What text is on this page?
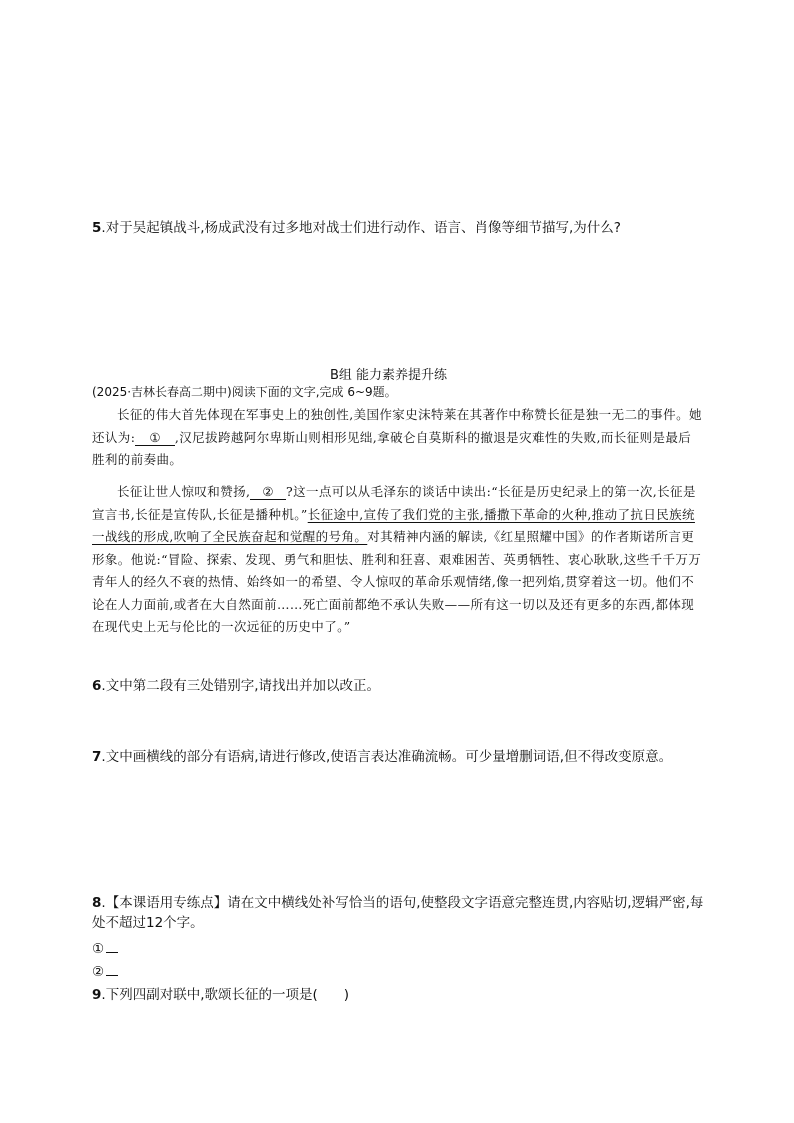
5.对于吴起镇战斗,杨成武没有过多地对战士们进行动作、语言、肖像等细节描写,为什么?
B组 能力素养提升练
(2025·吉林长春高二期中)阅读下面的文字,完成 6~9题。
长征的伟大首先体现在军事史上的独创性,美国作家史沫特莱在其著作中称赞长征是独一无二的事件。她还认为: ① ,汉尼拔跨越阿尔卑斯山则相形见绌,拿破仑自莫斯科的撤退是灾难性的失败,而长征则是最后胜利的前奏曲。
长征让世人惊叹和赞扬, ② ?这一点可以从毛泽东的谈话中读出:“长征是历史纪录上的第一次,长征是宣言书,长征是宣传队,长征是播种机。”长征途中,宣传了我们党的主张,播撒下革命的火种,推动了抗日民族统一战线的形成,吹响了全民族奋起和觉醒的号角。对其精神内涵的解读,《红星照耀中国》的作者斯诺所言更形象。他说:“冒险、探索、发现、勇气和胆怯、胜利和狂喜、艰难困苦、英勇牺牲、衷心耿耿,这些千千万万青年人的经久不衰的热情、始终如一的希望、令人惊叹的革命乐观情绪,像一把列焰,贯穿着这一切。他们不论在人力面前,或者在大自然面前……死亡面前都绝不承认失败——所有这一切以及还有更多的东西,都体现在现代史上无与伦比的一次远征的历史中了。”
6.文中第二段有三处错别字,请找出并加以改正。
7.文中画横线的部分有语病,请进行修改,使语言表达准确流畅。可少量增删词语,但不得改变原意。
8.【本课语用专练点】请在文中横线处补写恰当的语句,使整段文字语意完整连贯,内容贴切,逻辑严密,每处不超过12个字。
①
②
9.下列四副对联中,歌颂长征的一项是( )
